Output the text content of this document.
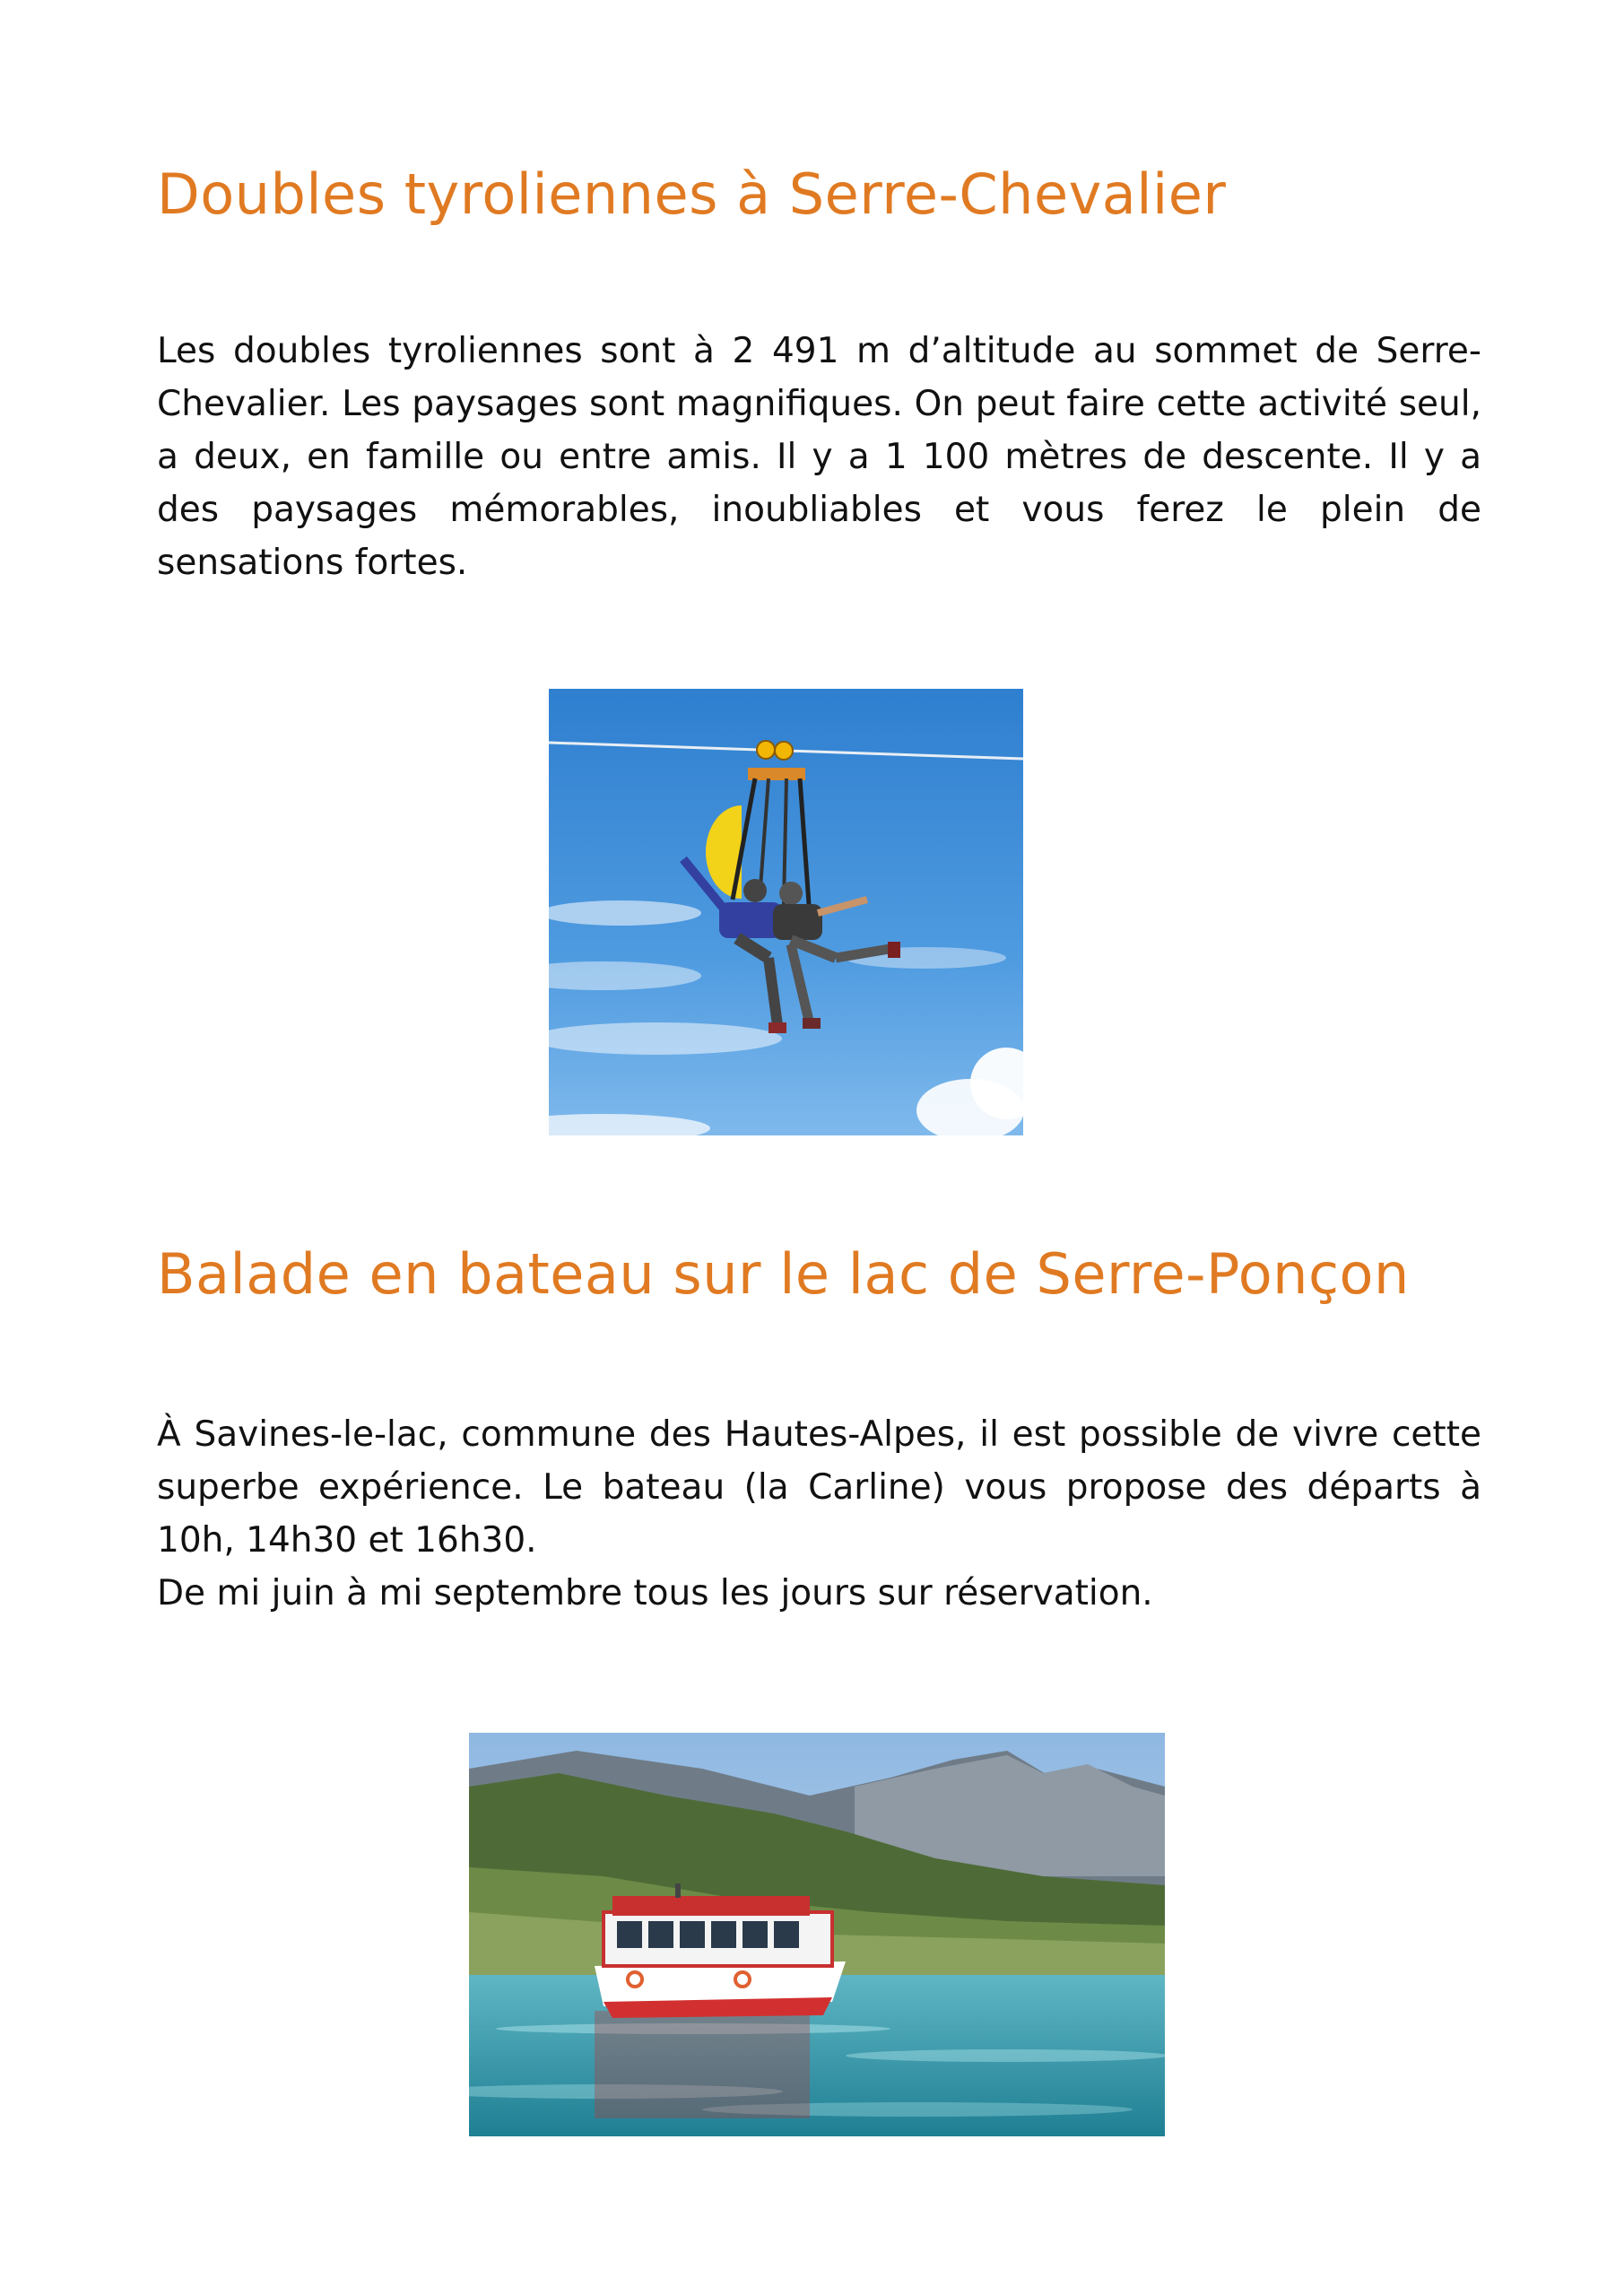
Doubles tyroliennes à Serre-Chevalier

Les doubles tyroliennes sont à 2 491 m d’altitude au sommet de Serre-Chevalier. Les paysages sont magnifiques. On peut faire cette activité seul, a deux, en famille ou entre amis. Il y a 1 100 mètres de descente. Il y a des paysages mémorables, inoubliables et vous ferez le plein de sensations fortes.

Balade en bateau sur le lac de Serre-Ponçon

À Savines-le-lac, commune des Hautes-Alpes, il est possible de vivre cette superbe expérience. Le bateau (la Carline) vous propose des départs à 10h, 14h30 et 16h30.

De mi juin à mi septembre tous les jours sur réservation.
